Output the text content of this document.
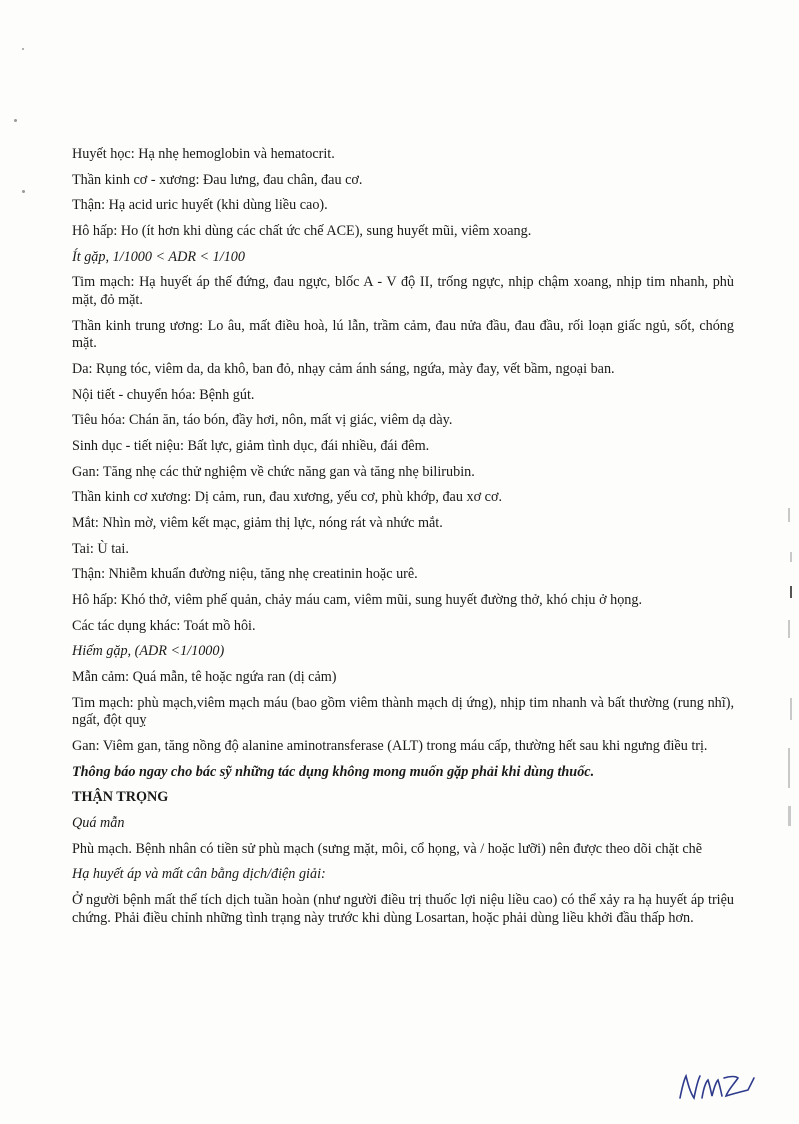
Huyết học: Hạ nhẹ hemoglobin và hematocrit.

Thần kinh cơ - xương: Đau lưng, đau chân, đau cơ.

Thận: Hạ acid uric huyết (khi dùng liều cao).

Hô hấp: Ho (ít hơn khi dùng các chất ức chế ACE), sung huyết mũi, viêm xoang.

Ít gặp, 1/1000 < ADR < 1/100

Tim mạch: Hạ huyết áp thế đứng, đau ngực, blốc A - V độ II, trống ngực, nhịp chậm xoang, nhịp tim nhanh, phù mặt, đỏ mặt.

Thần kinh trung ương: Lo âu, mất điều hoà, lú lẫn, trầm cảm, đau nửa đầu, đau đầu, rối loạn giấc ngủ, sốt, chóng mặt.

Da: Rụng tóc, viêm da, da khô, ban đỏ, nhạy cảm ánh sáng, ngứa, mày đay, vết bầm, ngoại ban.

Nội tiết - chuyển hóa: Bệnh gút.

Tiêu hóa: Chán ăn, táo bón, đầy hơi, nôn, mất vị giác, viêm dạ dày.

Sinh dục - tiết niệu: Bất lực, giảm tình dục, đái nhiều, đái đêm.

Gan: Tăng nhẹ các thử nghiệm về chức năng gan và tăng nhẹ bilirubin.

Thần kinh cơ xương: Dị cảm, run, đau xương, yếu cơ, phù khớp, đau xơ cơ.

Mắt: Nhìn mờ, viêm kết mạc, giảm thị lực, nóng rát và nhức mắt.

Tai: Ù tai.

Thận: Nhiễm khuẩn đường niệu, tăng nhẹ creatinin hoặc urê.

Hô hấp: Khó thở, viêm phế quản, chảy máu cam, viêm mũi, sung huyết đường thở, khó chịu ở họng.

Các tác dụng khác: Toát mồ hôi.

Hiếm gặp, (ADR <1/1000)

Mẫn cảm: Quá mẫn, tê hoặc ngứa ran (dị cảm)

Tim mạch: phù mạch,viêm mạch máu (bao gồm viêm thành mạch dị ứng), nhịp tim nhanh và bất thường (rung nhĩ), ngất, đột quỵ

Gan: Viêm gan, tăng nồng độ alanine aminotransferase (ALT) trong máu cấp, thường hết sau khi ngưng điều trị.

Thông báo ngay cho bác sỹ những tác dụng không mong muốn gặp phải khi dùng thuốc.

THẬN TRỌNG

Quá mẫn

Phù mạch. Bệnh nhân có tiền sử phù mạch (sưng mặt, môi, cổ họng, và / hoặc lưỡi) nên được theo dõi chặt chẽ

Hạ huyết áp và mất cân bằng dịch/điện giải:

Ở người bệnh mất thể tích dịch tuần hoàn (như người điều trị thuốc lợi niệu liều cao) có thể xảy ra hạ huyết áp triệu chứng. Phải điều chỉnh những tình trạng này trước khi dùng Losartan, hoặc phải dùng liều khởi đầu thấp hơn.
